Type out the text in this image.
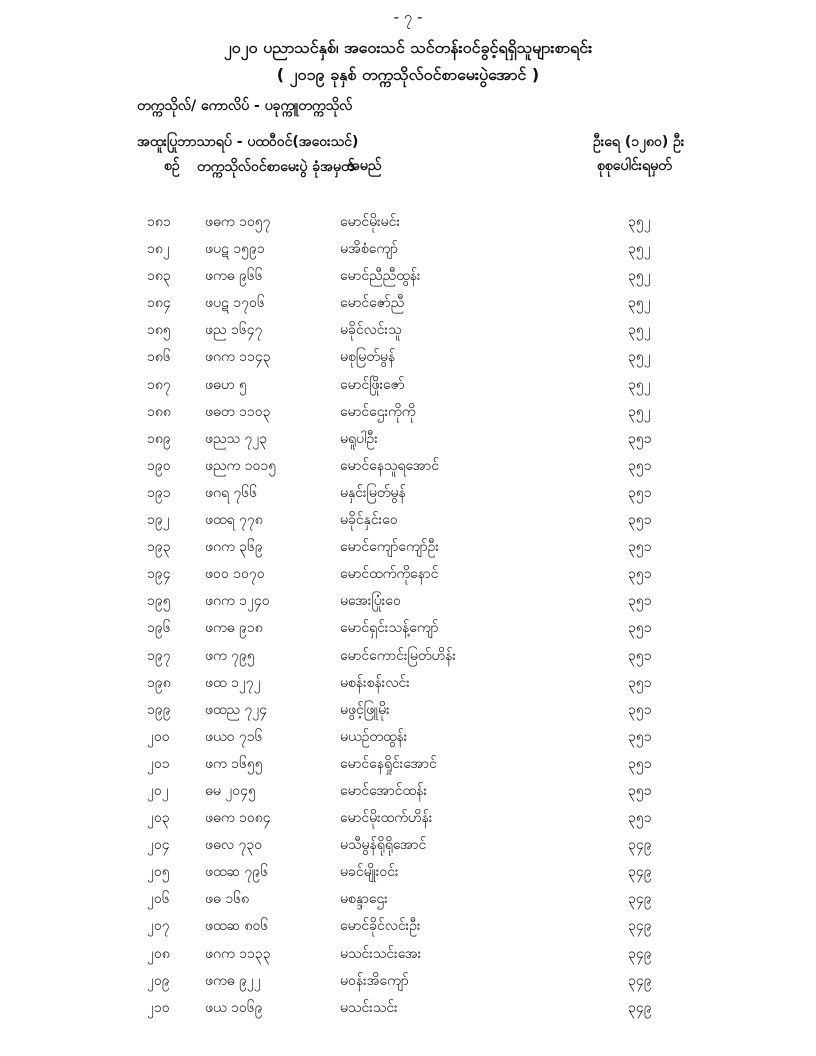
- ၇ -
၂၀၂၀ ပညာသင်နှစ်၊ အဝေးသင် သင်တန်းဝင်ခွင့်ရရှိသူများစာရင်း
( ၂၀၁၉ ခုနှစ် တက္ကသိုလ်ဝင်စာမေးပွဲအောင် )
တက္ကသိုလ်/ ကောလိပ် - ပခုက္ကူတက္ကသိုလ်
အထူးပြုဘာသာရပ် - ပထဝီဝင်(အဝေးသင်)	ဦးရေ (၁၂၈၀) ဦး
စဉ် တက္ကသိုလ်ဝင်စာမေးပွဲ ခုံအမှတ်
အမည်	စုစုပေါင်းရမှတ်
၁၈၁ ဖဓက ၁၀၅၇	မောင်မိုးမင်း	၃၅၂
၁၈၂	ဖပဋ ၁၅၉၁	မအိစံကျော်	၃၅၂
၁၈၃ ဖကဓ ၉၆၆	မောင်ညီညီထွန်း	၃၅၂
၁၈၄ ဖပဋ ၁၇၀၆	မောင်ဇော်ညီ	၃၅၂
၁၈၅ ဖည ၁၆၄၇	မခိုင်လင်းသူ	၃၅၂
၁၈၆ ဖဂက ၁၁၄၃	မစုမြတ်မွန်	၃၅၂
၁၈၇ ဖဓဟ ၅	မောင်ဖြိုးဇော်	၃၅၂
၁၈၈ ဖဓတ ၁၁၀၃	မောင်ဌေးကိုကို	၃၅၂
၁၈၉ ဖညသ ၇၂၃	မရူပါဦး	၃၅၁
၁၉၀ ဖညက ၁၀၁၅	မောင်နေသူရအောင်	၃၅၁
၁၉၁ ဖဂရ ၇၆၆	မနှင်းမြတ်မွန်	၃၅၁
၁၉၂	ဖထရ ၇၇၈	မခိုင်နှင်းဝေ	၃၅၁
၁၉၃ ဖဂက ၃၆၉	မောင်ကျော်ကျော်ဦး	၃၅၁
၁၉၄ ဖဝဝ ၁၀၇၀	မောင်ထက်ကိုနောင်	၃၅၁
၁၉၅ ဖဂက ၁၂၄၀	မအေးပြုံးဝေ	၃၅၁
၁၉၆ ဖကဓ ၉၁၈	မောင်ရှင်းသန့်ကျော်	၃၅၁
၁၉၇ ဖက ၇၉၅	မောင်ကောင်းမြတ်ဟိန်း	၃၅၁
၁၉၈ ဖထ ၁၂၇၂	မစန်းစန်းလင်း	၃၅၁
၁၉၉ ဖထည ၇၂၄	မဖွင့်ဖြူမိုး	၃၅၁
၂၀၀	ဖယဝ ၇၁၆	မယဉ်တထွန်း	၃၅၁
၂၀၁	ဖက ၁၆၅၅	မောင်နေရှိုင်းအောင်	၃၅၁
၂၀၂	ဓမ ၂၀၄၅	မောင်အောင်ထန်း	၃၅၁
၂၀၃	ဖဓက ၁၀၈၄	မောင်မိုးထက်ဟိန်း	၃၅၁
၂၀၄	ဖဓလ ၇၃၀	မသီမွန်ရိုရိုအောင်	၃၄၉
၂၀၅	ဖထဆ ၇၉၆	မခင်မျိုးဝင်း	၃၄၉
၂၀၆	ဖဓ ၁၆၈	မစန္ဒာဌေး	၃၄၉
၂၀၇	ဖထဆ ၈၀၆	မောင်ခိုင်လင်းဦး	၃၄၉
၂၀၈	ဖဂက ၁၁၃၃	မသင်းသင်းအေး	၃၄၉
၂၀၉	ဖကဓ ၉၂၂	မဝန်းအိကျော်	၃၄၉
၂၁၀	ဖယ ၁၀၆၉	မသင်းသင်း	၃၄၉
